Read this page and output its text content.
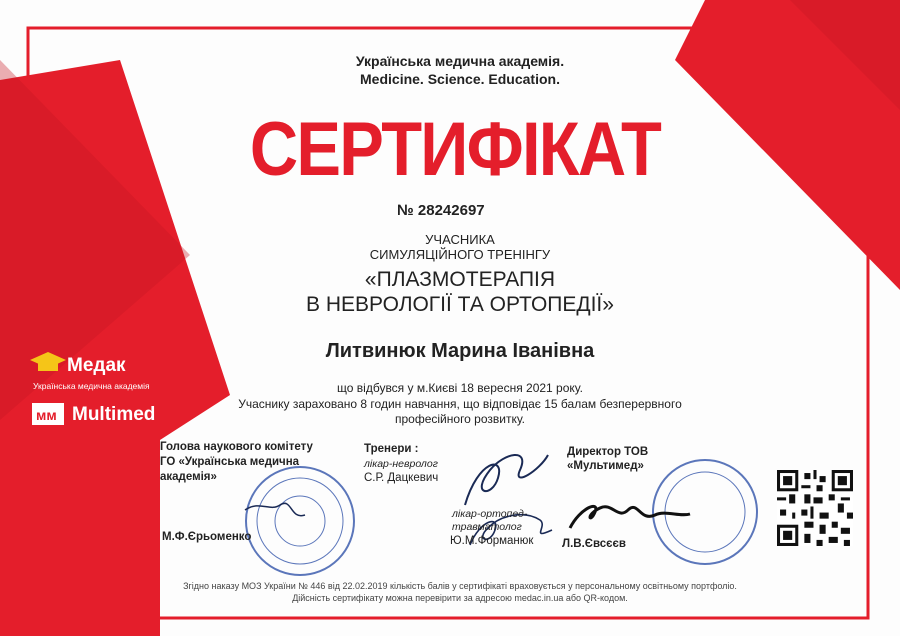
мм
Українська медична академія.
Medicine. Science. Education.
СЕРТИФІКАТ
№ 28242697
УЧАСНИКА
СИМУЛЯЦІЙНОГО ТРЕНІНГУ
«ПЛАЗМОТЕРАПІЯ
В НЕВРОЛОГІЇ ТА ОРТОПЕДІЇ»
Литвинюк Марина Іванівна
що відбувся у м.Києві 18 вересня 2021 року.
Учаснику зараховано 8 годин навчання, що відповідає 15 балам безперервного
професійного розвитку.
Голова наукового комітету
ГО «Українська медична
академія»
М.Ф.Єрьоменко
Тренери :
лікар-невролог
С.Р. Дацкевич
лікар-ортопед-
травматолог
Ю.М.Форманюк
Директор ТОВ
«Мультимед»
Л.В.Євсєєв
Згідно наказу МОЗ України № 446 від 22.02.2019 кількість балів у сертифікаті враховується у персональному освітньому портфоліо.
Дійсність сертифікату можна перевірити за адресою medac.in.ua або QR-кодом.
Медак
Українська медична академія
Multimed
